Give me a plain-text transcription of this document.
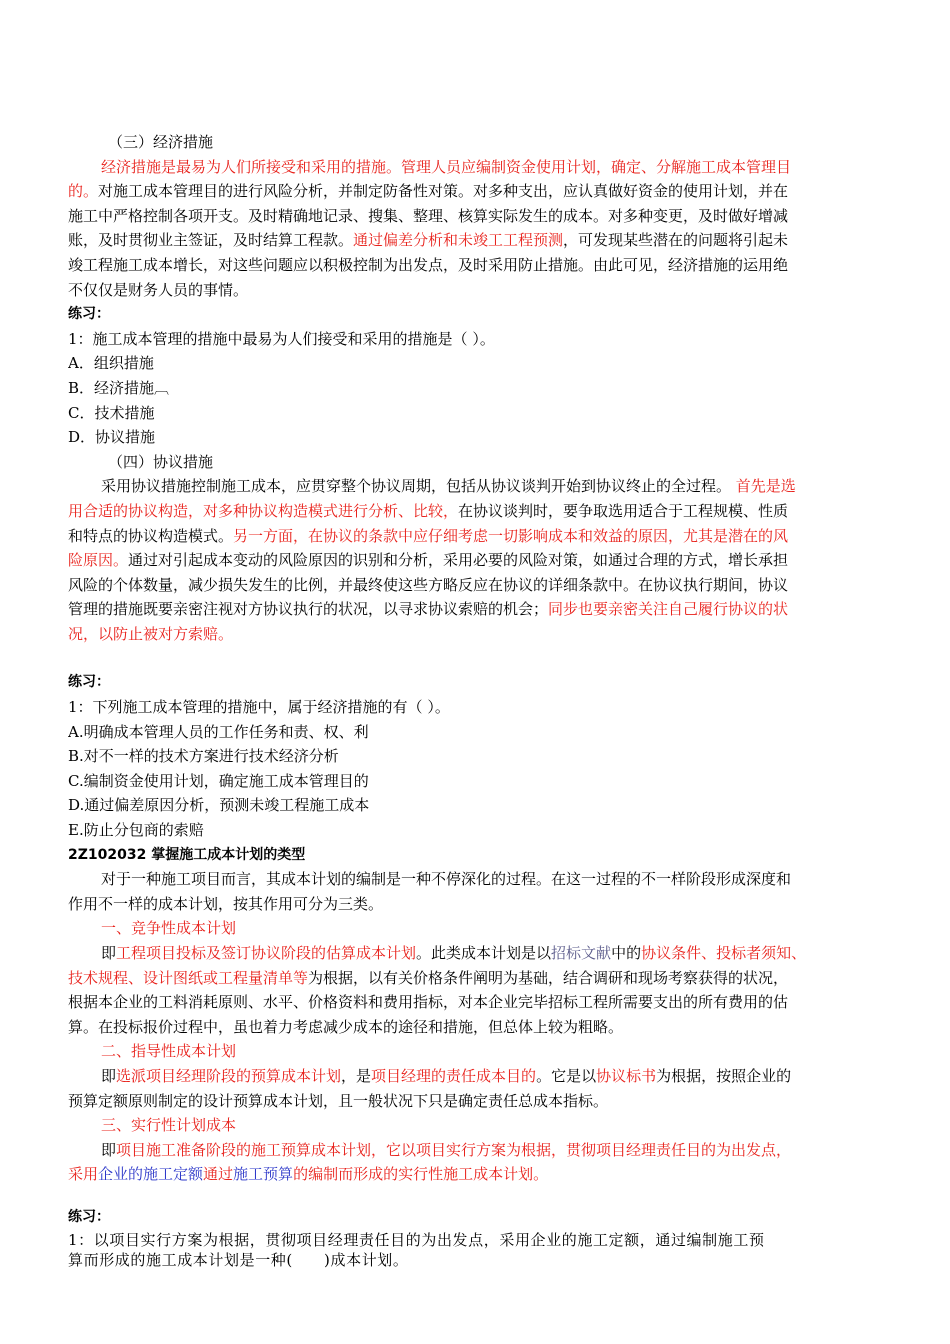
（三）经济措施
经济措施是最易为人们所接受和采用的措施。管理人员应编制资金使用计划，确定、分解施工成本管理目
的。对施工成本管理目的进行风险分析，并制定防备性对策。对多种支出，应认真做好资金的使用计划，并在
施工中严格控制各项开支。及时精确地记录、搜集、整理、核算实际发生的成本。对多种变更，及时做好增减
账，及时贯彻业主签证，及时结算工程款。通过偏差分析和未竣工工程预测，可发现某些潜在的问题将引起未
竣工程施工成本增长，对这些问题应以积极控制为出发点，及时采用防止措施。由此可见，经济措施的运用绝
不仅仅是财务人员的事情。
练习：
1：施工成本管理的措施中最易为人们接受和采用的措施是（ ）。
A．组织措施
B．经济措施︹
C．技术措施
D．协议措施
（四）协议措施
采用协议措施控制施工成本，应贯穿整个协议周期，包括从协议谈判开始到协议终止的全过程。 首先是选
用合适的协议构造，对多种协议构造模式进行分析、比较，在协议谈判时，要争取选用适合于工程规模、性质
和特点的协议构造模式。另一方面，在协议的条款中应仔细考虑一切影响成本和效益的原因，尤其是潜在的风
险原因。通过对引起成本变动的风险原因的识别和分析，采用必要的风险对策，如通过合理的方式，增长承担
风险的个体数量，减少损失发生的比例，并最终使这些方略反应在协议的详细条款中。在协议执行期间，协议
管理的措施既要亲密注视对方协议执行的状况，以寻求协议索赔的机会；同步也要亲密关注自己履行协议的状
况，以防止被对方索赔。
练习：
1：下列施工成本管理的措施中，属于经济措施的有（ ）。
A.明确成本管理人员的工作任务和责、权、利
B.对不一样的技术方案进行技术经济分析
C.编制资金使用计划，确定施工成本管理目的
D.通过偏差原因分析，预测未竣工程施工成本
E.防止分包商的索赔
2Z102032 掌握施工成本计划的类型
对于一种施工项目而言，其成本计划的编制是一种不停深化的过程。在这一过程的不一样阶段形成深度和
作用不一样的成本计划，按其作用可分为三类。
一、竞争性成本计划
即工程项目投标及签订协议阶段的估算成本计划。此类成本计划是以招标文献中的协议条件、投标者须知、
技术规程、设计图纸或工程量清单等为根据，以有关价格条件阐明为基础，结合调研和现场考察获得的状况，
根据本企业的工料消耗原则、水平、价格资料和费用指标，对本企业完毕招标工程所需要支出的所有费用的估
算。在投标报价过程中，虽也着力考虑减少成本的途径和措施，但总体上较为粗略。
二、指导性成本计划
即选派项目经理阶段的预算成本计划，是项目经理的责任成本目的。它是以协议标书为根据，按照企业的
预算定额原则制定的设计预算成本计划，且一般状况下只是确定责任总成本指标。
三、实行性计划成本
即项目施工准备阶段的施工预算成本计划，它以项目实行方案为根据，贯彻项目经理责任目的为出发点，
采用企业的施工定额通过施工预算的编制而形成的实行性施工成本计划。
练习：
1：以项目实行方案为根据，贯彻项目经理责任目的为出发点，采用企业的施工定额，通过编制施工预
算而形成的施工成本计划是一种(　　)成本计划。
